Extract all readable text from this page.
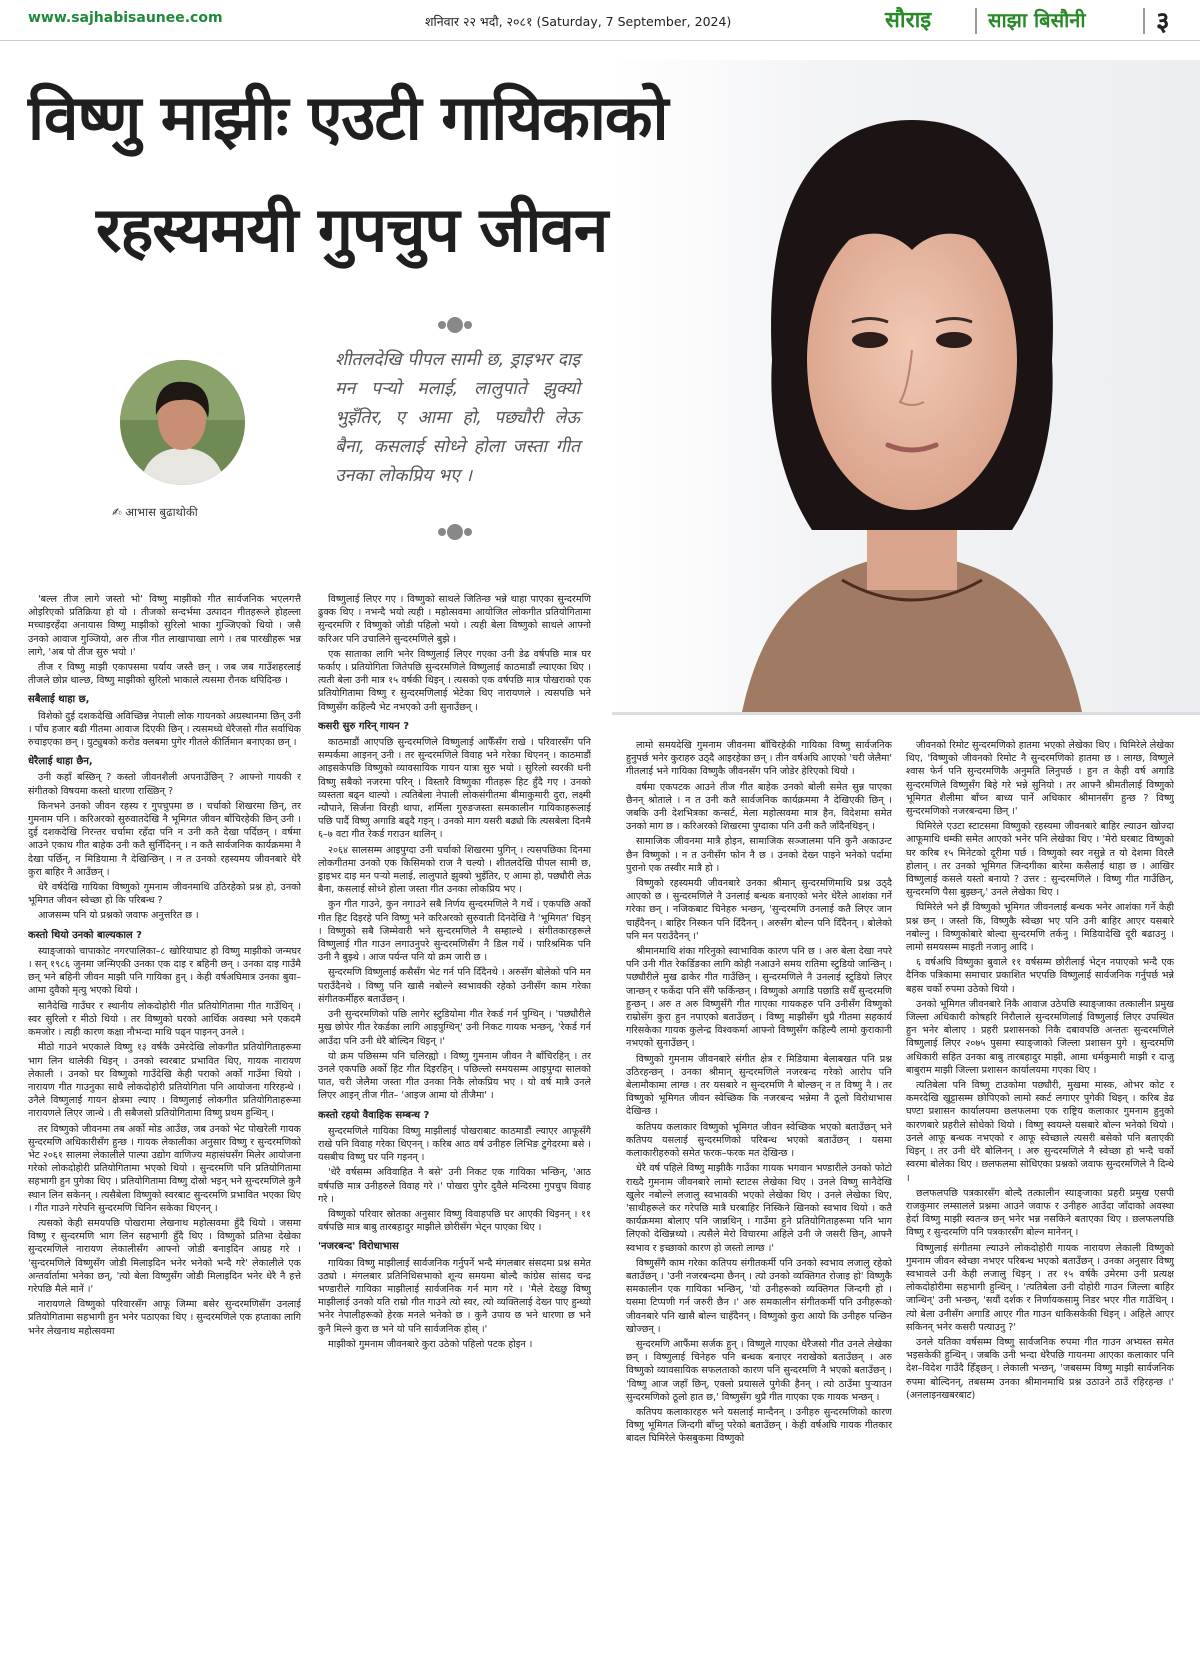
www.sajhabisaunee.com	शनिवार २२ भदौ, २०८१ (Saturday, 7 September, 2024)	सौराइ	साझा बिसौनी	३
विष्णु माझीः एउटी गायिकाको
रहस्यमयी गुपचुप जीवन
✍ आभास बुढाथोकी
शीतलदेखि पीपल सामी छ, ड्राइभर दाइ मन पर्‍यो मलाई, लालुपाते झुक्यो भुइँतिर, ए आमा हो, पछ्यौरी लेऊ बैना, कसलाई सोध्ने होला जस्ता गीत उनका लोकप्रिय भए ।

'बल्ल तीज लागे जस्तो भो' विष्णु माझीको गीत सार्वजनिक भएलगत्तै ओइरिएको प्रतिक्रिया हो यो । तीजको सन्दर्भमा उत्पादन गीतहरूले होहल्ला मच्चाइरहँदा अनायास विष्णु माझीको सुरिलो भाका गुञ्जिएको थियो । जसै उनको आवाज गुञ्जियो, अरु तीज गीत लाखापाखा लागे । तब पारखीहरू भन्न लागे, 'अब पो तीज सुरु भयो ।'

तीज र विष्णु माझी एकापसमा पर्याय जस्तै छन् । जब जब गाउँशहरलाई तीजले छोप्न थाल्छ, विष्णु माझीको सुरिलो भाकाले त्यसमा रौनक थपिदिन्छ ।

सबैलाई थाहा छ,

विशेको दुई दशकदेखि अविच्छिन्न नेपाली लोक गायनको अग्रस्थानमा छिन् उनी । पाँच हजार बढी गीतमा आवाज दिएकी छिन् । त्यसमध्ये धेरैजसो गीत सर्वाधिक रुचाइएका छन् । युट्युबको करोड क्लबमा पुगेर गीतले कीर्तिमान बनाएका छन् ।

धेरैलाई थाहा छैन,

उनी कहाँ बस्छिन् ? कस्तो जीवनशैली अपनाउँछिन् ? आफ्नो गायकी र संगीतको विषयमा कस्तो धारणा राख्छिन् ?

किनभने उनको जीवन रहस्य र गुपचुपमा छ । चर्चाको शिखरमा छिन्, तर गुमनाम पनि । करिअरको सुरुवातदेखि नै भूमिगत जीवन बाँचिरहेकी छिन् उनी । दुई दशकदेखि निरन्तर चर्चामा रहँदा पनि न उनी कतै देखा पर्दिछन् । वर्षमा आउने एकाध गीत बाहेक उनी कतै सुनिँदिनन् । न कतै सार्वजनिक कार्यक्रममा नै देखा पर्छिन्, न मिडियामा नै देखिन्छिन् । न त उनको रहस्यमय जीवनबारे धेरै कुरा बाहिर नै आउँछन् ।

धेरै वर्षदेखि गायिका विष्णुको गुमनाम जीवनमाथि उठिरहेको प्रश्न हो, उनको भूमिगत जीवन स्वेच्छा हो कि परिबन्ध ?

आजसम्म पनि यो प्रश्नको जवाफ अनुत्तरित छ ।

कस्तो थियो उनको बाल्यकाल ?

स्याङ्जाको चापाकोट नगरपालिका–८ खोरियाघाट हो विष्णु माझीको जन्मघर । सन् १९८६ जुनमा जन्मिएकी उनका एक दाइ र बहिनी छन् । उनका दाइ गाउँमै छन् भने बहिनी जीवन माझी पनि गायिका हुन् । केही वर्षअघिमात्र उनका बुवा–आमा दुवैको मृत्यु भएको थियो ।

सानैदेखि गाउँघर र स्थानीय लोकदोहोरी गीत प्रतियोगितामा गीत गाउँथिन् । स्वर सुरिलो र मीठो थियो । तर विष्णुको घरको आर्थिक अवस्था भने एकदमै कमजोर । त्यही कारण कक्षा नौभन्दा माथि पढ्न पाइनन् उनले ।

मीठो गाउने भएकाले विष्णु १३ वर्षकै उमेरदेखि लोकगीत प्रतियोगिताहरूमा भाग लिन थालेकी थिइन् । उनको स्वरबाट प्रभावित थिए, गायक नारायण लेकाली । उनको घर विष्णुको गाउँदेखि केही पराको अर्को गाउँमा थियो । नारायण गीत गाउनुका साथै लोकदोहोरी प्रतियोगिता पनि आयोजना गरिरहन्थे । उनैले विष्णुलाई गायन क्षेत्रमा ल्याए । विष्णुलाई लोकगीत प्रतियोगिताहरूमा नारायणले लिएर जान्थे । ती सबैजसो प्रतियोगितामा विष्णु प्रथम हुन्थिन् ।

तर विष्णुको जीवनमा तब अर्को मोड आउँछ, जब उनको भेट पोखरेली गायक सुन्दरमणि अधिकारीसँग हुन्छ । गायक लेकालीका अनुसार विष्णु र सुन्दरमणिको भेट २०६१ सालमा लेकालीले पाल्पा उद्योग वाणिज्य महासंघसँग मिलेर आयोजना गरेको लोकदोहोरी प्रतियोगितामा भएको थियो । सुन्दरमणि पनि प्रतियोगितामा सहभागी हुन पुगेका थिए । प्रतियोगितामा विष्णु दोस्रो भइन् भने सुन्दरमणिले कुनै स्थान लिन सकेनन् । त्यसैबेला विष्णुको स्वरबाट सुन्दरमणि प्रभावित भएका थिए । गीत गाउने गरेपनि सुन्दरमणि चिनिन सकेका थिएनन् ।

त्यसको केही समयपछि पोखरामा लेखनाथ महोत्सवमा हुँदै थियो । जसमा विष्णु र सुन्दरमणि भाग लिन सहभागी हुँदै थिए । विष्णुको प्रतिभा देखेका सुन्दरमणिले नारायण लेकालीसँग आफ्नो जोडी बनाइदिन आग्रह गरे । 'सुन्दरमणिले विष्णुसँग जोडी मिलाइदिन भनेर भनेको भन्दै गरे' लेकालीले एक अन्तर्वार्तामा भनेका छन्, 'त्यो बेला विष्णुसँग जोडी मिलाइदिन भनेर धेरै नै हत्ते गरेपछि मैले मानें ।'

नारायणले विष्णुको परिवारसँग आफू जिम्मा बसेर सुन्दरमणिसँग उनलाई प्रतियोगितामा सहभागी हुन भनेर पठाएका थिए । सुन्दरमणिले एक हप्ताका लागि भनेर लेखनाथ महोत्सवमा

विष्णुलाई लिएर गए । विष्णुको साथले जितिन्छ भन्ने थाहा पाएका सुन्दरमणि ढुक्क थिए । नभन्दै भयो त्यही । महोत्सवमा आयोजित लोकगीत प्रतियोगितामा सुन्दरमणि र विष्णुको जोडी पहिलो भयो । त्यही बेला विष्णुको साथले आफ्नो करिअर पनि उचालिने सुन्दरमणिले बुझे ।

एक साताका लागि भनेर विष्णुलाई लिएर गएका उनी डेढ वर्षपछि मात्र घर फर्काए । प्रतियोगिता जितेपछि सुन्दरमणिले विष्णुलाई काठमाडौं ल्याएका थिए । त्यती बेला उनी मात्र १५ वर्षकी थिइन् । त्यसको एक वर्षपछि मात्र पोखराको एक प्रतियोगितामा विष्णु र सुन्दरमणिलाई भेटेका थिए नारायणले । त्यसपछि भने विष्णुसँग कहिल्यै भेट नभएको उनी सुनाउँछन् ।

कसरी सुरु गरिन् गायन ?

काठमाडौं आएपछि सुन्दरमणिले विष्णुलाई आफैँसँग राखे । परिवारसँग पनि सम्पर्कमा आइनन् उनी । तर सुन्दरमणिले विवाह भने गरेका थिएनन् । काठमाडौं आइसकेपछि विष्णुको व्यावसायिक गायन यात्रा सुरु भयो । सुरिलो स्वरकी धनी विष्णु सबैको नजरमा परिन् । विस्तारै विष्णुका गीतहरू हिट हुँदै गए । उनको व्यस्तता बढ्न थाल्यो । त्यतिबेला नेपाली लोकसंगीतमा बीमाकुमारी दुरा, लक्ष्मी न्यौपाने, सिर्जना विरही थापा, शर्मिला गुरुङजस्ता समकालीन गायिकाहरूलाई पछि पार्दै विष्णु अगाडि बढ्दै गइन् । उनको माग यसरी बढ्यो कि त्यसबेला दिनमै ६–७ वटा गीत रेकर्ड गराउन थालिन् ।

२०६४ सालसम्म आइपुग्दा उनी चर्चाको शिखरमा पुगिन् । त्यसपछिका दिनमा लोकगीतमा उनको एक किसिमको राज नै चल्यो । शीतलदेखि पीपल सामी छ, ड्राइभर दाइ मन पर्‍यो मलाई, लालुपाते झुक्यो भुइँतिर, ए आमा हो, पछ्यौरी लेऊ बैना, कसलाई सोध्ने होला जस्ता गीत उनका लोकप्रिय भए ।

कुन गीत गाउने, कुन नगाउने सबै निर्णय सुन्दरमणिले नै गर्थे । एकपछि अर्को गीत हिट दिइरहे पनि विष्णु भने करिअरको सुरुवाती दिनदेखि नै 'भूमिगत' थिइन् । विष्णुको सबै जिम्मेवारी भने सुन्दरमणिले नै सम्हाल्थे । संगीतकारहरूले विष्णुलाई गीत गाउन लगाउनुपरे सुन्दरमणिसँग नै डिल गर्थे । पारिश्रमिक पनि उनी नै बुझ्थे । आज पर्यन्त पनि यो क्रम जारी छ ।

सुन्दरमणि विष्णुलाई कसैसँग भेट गर्न पनि दिँदैनथे । अरुसँग बोलेको पनि मन पराउँदैनथे । विष्णु पनि खासै नबोल्ने स्वभावकी रहेको उनीसँग काम गरेका संगीतकर्मीहरु बताउँछन् ।

उनी सुन्दरमणिको पछि लागेर स्टुडियोमा गीत रेकर्ड गर्न पुग्थिन् । 'पछ्यौरीले मुख छोपेर गीत रेकर्डका लागि आइपुग्थिन्' उनी निकट गायक भन्छन्, 'रेकर्ड गर्न आउँदा पनि उनी धेरै बोल्दिन थिइन् ।'

यो क्रम पछिसम्म पनि चलिरह्यो । विष्णु गुमनाम जीवन नै बाँचिरहिन् । तर उनले एकपछि अर्को हिट गीत दिइरहिन् । पछिल्लो समयसम्म आइपुग्दा सालको पात, चरी जेलैमा जस्ता गीत उनका निकै लोकप्रिय भए । यो वर्ष मात्रै उनले लिएर आइन् तीज गीत– 'आइज आमा यो तीजैमा' ।

कस्तो रहयो वैवाहिक सम्बन्ध ?

सुन्दरमणिले गायिका विष्णु माझीलाई पोखराबाट काठमाडौं ल्याएर आफूसँगै राखे पनि विवाह गरेका थिएनन् । करिब आठ वर्ष उनीहरु लिभिङ टुगेदरमा बसे । यसबीच विष्णु घर पनि गइनन् ।

'धेरै वर्षसम्म अविवाहित नै बसे' उनी निकट एक गायिका भन्छिन्, 'आठ वर्षपछि मात्र उनीहरुले विवाह गरे ।' पोखरा पुगेर दुवैले मन्दिरमा गुपचुप विवाह गरे ।

विष्णुको परिवार स्रोतका अनुसार विष्णु विवाहपछि घर आएकी थिइनन् । ११ वर्षपछि मात्र बाबु तारबहादुर माझीले छोरीसँग भेट्न पाएका थिए ।

'नजरबन्द' विरोधाभास

गायिका विष्णु माझीलाई सार्वजनिक गर्नुपर्ने भन्दै मंगलबार संसदमा प्रश्न समेत उठ्यो । मंगलबार प्रतिनिधिसभाको शून्य समयमा बोल्दै कांग्रेस सांसद चन्द्र भण्डारीले गायिका माझीलाई सार्वजनिक गर्न माग गरे । 'मैले देख्छु विष्णु माझीलाई उनको यति राम्रो गीत गाउने त्यो स्वर, त्यो व्यक्तिलाई देख्न पाए हुन्थ्यो भनेर नेपालीहरूको हेरक मनले भनेको छ । कुनै उपाय छ भने धारणा छ भने कुनै मिल्ने कुरा छ भने यो पनि सार्वजनिक होस् ।'

माझीको गुमनाम जीवनबारे कुरा उठेको पहिलो पटक होइन ।

लामो समयदेखि गुमनाम जीवनमा बाँचिरहेकी गायिका विष्णु सार्वजनिक हुनुपर्छ भनेर कुराहरु उठ्दै आइरहेका छन् । तीन वर्षअघि आएको 'चरी जेलैमा' गीतलाई भने गायिका विष्णुकै जीवनसँग पनि जोडेर हेरिएको थियो ।

वर्षमा एकपटक आउने तीज गीत बाहेक उनको बोली समेत सुन्न पाएका छैनन् श्रोताले । न त उनी कतै सार्वजनिक कार्यक्रममा नै देखिएकी छिन् । जबकि उनी देशभित्रका कन्सर्ट, मेला महोत्सवमा मात्र हैन, विदेशमा समेत उनको माग छ । करिअरको शिखरमा पुग्दाका पनि उनी कतै जाँदैनथिइन् ।

सामाजिक जीवनमा मात्रै होइन, सामाजिक सञ्जालमा पनि कुनै अकाउन्ट छैन विष्णुको । न त उनीसँग फोन नै छ । उनको देख्न पाइने भनेको पर्दामा पुरानो एक तस्वीर मात्रै हो ।

विष्णुको रहस्यमयी जीवनबारे उनका श्रीमान् सुन्दरमणिमाथि प्रश्न उठ्दै आएको छ । सुन्दरमणिले नै उनलाई बन्धक बनाएको भनेर धेरैले आशंका गर्ने गरेका छन् । नजिकबाट चिनेहरु भन्छन्, 'सुन्दरमणि उनलाई कतै लिएर जान चाहँदैनन् । बाहिर निस्कन पनि दिँदैनन् । अरुसँग बोल्न पनि दिँदैनन् । बोलेको पनि मन पराउँदैनन् ।'

श्रीमानमाथि शंका गरिनुको स्वाभाविक कारण पनि छ । अरु बेला देखा नपरे पनि उनी गीत रेकर्डिङका लागि कोही नआउने समय रातिमा स्टुडियो जान्छिन् । पछ्यौरीले मुख ढाकेर गीत गाउँछिन् । सुन्दरमणिले नै उनलाई स्टुडियो लिएर जान्छन् र फर्केदा पनि सँगै फर्किन्छन् । विष्णुको अगाडि पछाडि सधैँ सुन्दरमणि हुन्छन् । अरु त अरु विष्णुसँगै गीत गाएका गायकहरु पनि उनीसँग विष्णुको राम्रोसँग कुरा हुन नपाएको बताउँछन् । विष्णु माझीसँग थुप्रै गीतमा सहकार्य गरिसकेका गायक कुलेन्द्र विश्वकर्मा आफ्नो विष्णुसँग कहिल्यै लामो कुराकानी नभएको सुनाउँछन् ।

विष्णुको गुमनाम जीवनबारे संगीत क्षेत्र र मिडियामा बेलाबखत पनि प्रश्न उठिरहन्छन् । उनका श्रीमान् सुन्दरमणिले नजरबन्द गरेको आरोप पनि बेलामौकामा लाग्छ । तर यसबारे न सुन्दरमणि नै बोल्छन् न त विष्णु नै । तर विष्णुको भूमिगत जीवन स्वेच्छिक कि नजरबन्द भन्नेमा नै ठूलो विरोधाभास देखिन्छ ।

कतिपय कलाकार विष्णुको भूमिगत जीवन स्वेच्छिक भएको बताउँछन् भने कतिपय यसलाई सुन्दरमणिको परिबन्ध भएको बताउँछन् । यसमा कलाकारीहरुको समेत फरक–फरक मत देखिन्छ ।

धेरै वर्ष पहिले विष्णु माझीकै गाउँका गायक भगवान भण्डारीले उनको फोटो राख्दै गुमनाम जीवनबारे लामो स्टाटस लेखेका थिए । उनले विष्णु सानैदेखि खुलेर नबोल्ने लजालु स्वभावकी भएको लेखेका थिए । उनले लेखेका थिए, 'साथीहरूले कर गरेपछि मात्रै घरबाहिर निस्किने खिनको स्वभाव थियो । कतै कार्यक्रममा बोलाए पनि जान्नथिन् । गाउँमा हुने प्रतियोगिताहरूमा पनि भाग लिएको देखिन्नथ्यो । त्यसैले मेरो विचारमा अहिले उनी जे जसरी छिन्, आफ्नै स्वभाव र इच्छाको कारण हो जस्तो लाग्छ ।'

विष्णुसँगै काम गरेका कतिपय संगीतकर्मी पनि उनको स्वभाव लजालु रहेको बताउँछन् । 'उनी नजरबन्दमा छैनन् । त्यो उनको व्यक्तिगत रोजाइ हो' विष्णुकै समकालीन एक गायिका भन्छिन्, 'यो उनीहरूको व्यक्तिगत जिन्दगी हो । यसमा टिप्पणी गर्न जरुरी छैन ।' अरु समकालीन संगीतकर्मी पनि उनीहरूको जीवनबारे पनि खासै बोल्न चाहँदैनन् । विष्णुको कुरा आयो कि उनीहरु पन्छिन खोज्छन् ।

सुन्दरमणि आफैंमा सर्जक हुन् । विष्णुले गाएका धेरैजसो गीत उनले लेखेका छन् । विष्णुलाई चिनेहरु पनि बन्धक बनाएर नराखेको बताउँछन् । अरु विष्णुको व्यावसायिक सफलताको कारण पनि सुन्दरमणि नै भएको बताउँछन् । 'विष्णु आज जहाँ छिन्, एक्लो प्रयासले पुगेकी हैनन् । त्यो ठाउँमा पुऱ्याउन सुन्दरमणिको ठूलो हात छ,' विष्णुसँग थुप्रै गीत गाएका एक गायक भन्छन् ।

कतिपय कलाकारहरु भने यसलाई मान्दैनन् । उनीहरु सुन्दरमणिको कारण विष्णु भूमिगत जिन्दगी बाँच्नु परेको बताउँछन् । केही वर्षअघि गायक गीतकार बादल घिमिरेले फेसबुकमा विष्णुको

जीवनको रिमोट सुन्दरमणिको हातमा भएको लेखेका थिए । घिमिरेले लेखेका थिए, 'विष्णुको जीवनको रिमोट नै सुन्दरमणिको हातमा छ । लाग्छ, विष्णुले श्वास फेर्न पनि सुन्दरमणिकै अनुमति लिनुपर्छ । हुन त केही वर्ष अगाडि सुन्दरमणिले विष्णुसँग बिहे गरे भन्ने सुनियो । तर आफ्नै श्रीमतीलाई विष्णुको भूमिगत शैलीमा बाँच्न बाध्य पार्ने अधिकार श्रीमानसँग हुन्छ ? विष्णु सुन्दरमणिको नजरबन्दमा छिन् ।'

घिमिरेले एउटा स्टाटसमा विष्णुको रहस्यमा जीवनबारे बाहिर ल्याउन खोज्दा आफूमाथि धम्की समेत आएको भनेर पनि लेखेका थिए । 'मेरो घरबाट विष्णुको घर करिब १५ मिनेटको दूरीमा पर्छ । विष्णुको स्वर नसुन्ने त यो देशमा विरलै होलान् । तर उनको भूमिगत जिन्दगीका बारेमा कसैलाई थाहा छ । आखिर विष्णुलाई कसले यस्तो बनायो ? उत्तर : सुन्दरमणिले । विष्णु गीत गाउँछिन्, सुन्दरमणि पैसा बुझ्छन्,' उनले लेखेका थिए ।

घिमिरेले भने झैं विष्णुको भूमिगत जीवनलाई बन्धक भनेर आशंका गर्ने केही प्रश्न छन् । जस्तो कि, विष्णुकै स्वेच्छा भए पनि उनी बाहिर आएर यसबारे नबोल्नु । विष्णुकोबारे बोल्दा सुन्दरमणि तर्कनु । मिडियादेखि दूरी बढाउनु । लामो समयसम्म माइती नजानु आदि ।

६ वर्षअघि विष्णुका बुवाले ११ वर्षसम्म छोरीलाई भेट्न नपाएको भन्दै एक दैनिक पत्रिकामा समाचार प्रकाशित भएपछि विष्णुलाई सार्वजनिक गर्नुपर्छ भन्ने बहस चर्को रुपमा उठेको थियो ।

उनको भूमिगत जीवनबारे निकै आवाज उठेपछि स्याङ्जाका तत्कालीन प्रमुख जिल्ला अधिकारी कोषहरि निरौलाले सुन्दरमणिलाई विष्णुलाई लिएर उपस्थित हुन भनेर बोलाए । प्रहरी प्रशासनको निकै दबावपछि अन्ततः सुन्दरमणिले विष्णुलाई लिएर २०७५ पुसमा स्याङ्जाको जिल्ला प्रशासन पुगे । सुन्दरमणि अधिकारी सहित उनका बाबु तारबहादुर माझी, आमा धर्मकुमारी माझी र दाजु बाबुराम माझी जिल्ला प्रशासन कार्यालयमा गएका थिए ।

त्यतिबेला पनि विष्णु टाउकोमा पछ्यौरी, मुखमा मास्क, ओभर कोट र कमरदेखि खुट्टासम्म छोपिएको लामो स्कर्ट लगाएर पुगेकी थिइन् । करिब डेढ घण्टा प्रशासन कार्यालयमा छलफलमा एक राष्ट्रिय कलाकार गुमनाम हुनुको कारणबारे प्रहरीले सोधेको थियो । विष्णु स्वयम्ले यसबारे बोल्न भनेको थियो । उनले आफू बन्धक नभएको र आफू स्वेच्छाले त्यसरी बसेको पनि बताएकी थिइन् । तर उनी धेरै बोलिनन् । अरु सुन्दरमणिले नै स्वेच्छा हो भन्दै चर्को स्वरमा बोलेका थिए । छलफलमा सोधिएका प्रश्नको जवाफ सुन्दरमणिले नै दिन्थे ।

छलफलपछि पत्रकारसँग बोल्दै तत्कालीन स्याङ्जाका प्रहरी प्रमुख एसपी राजकुमार लम्सालले प्रश्नमा आउने जवाफ र उनीहरु आउँदा जाँदाको अवस्था हेर्दा विष्णु माझी स्वतन्त्र छन् भनेर भन्न नसकिने बताएका थिए । छलफलपछि विष्णु र सुन्दरमणि पनि पत्रकारसँग बोल्न मानेनन् ।

विष्णुलाई संगीतमा ल्याउने लोकदोहोरी गायक नारायण लेकाली विष्णुको गुमनाम जीवन स्वेच्छा नभएर परिबन्ध भएको बताउँछन् । उनका अनुसार विष्णु स्वभावले उनी केही लजालु थिइन् । तर १५ वर्षकै उमेरमा उनी प्रत्यक्ष लोकदोहोरीमा सहभागी हुन्थिन् । 'त्यतिबेला उनी दोहोरी गाउन जिल्ला बाहिर जान्थिन्' उनी भन्छन्, 'सयौं दर्शक र निर्णायकसामु निडर भएर गीत गाउँथिन् । त्यो बेला उनीसँग अगाडि आएर गीत गाउन धाकिसकेकी थिइन् । अहिले आएर सकिनन् भनेर कसरी पत्याउनु ?'

उनले यतिका वर्षसम्म विष्णु सार्वजनिक रुपमा गीत गाउन अभ्यस्त समेत भइसकेकी हुन्थिन् । जबकि उनी भन्दा धेरैपछि गायनमा आएका कलाकार पनि देश–विदेश गाउँदै हिँड्छन् । लेकाली भन्छन्, 'जबसम्म विष्णु माझी सार्वजनिक रुपमा बोल्दिनन्, तबसम्म उनका श्रीमानमाथि प्रश्न उठाउने ठाउँ रहिरहन्छ ।' (अनलाइनखबरबाट)
